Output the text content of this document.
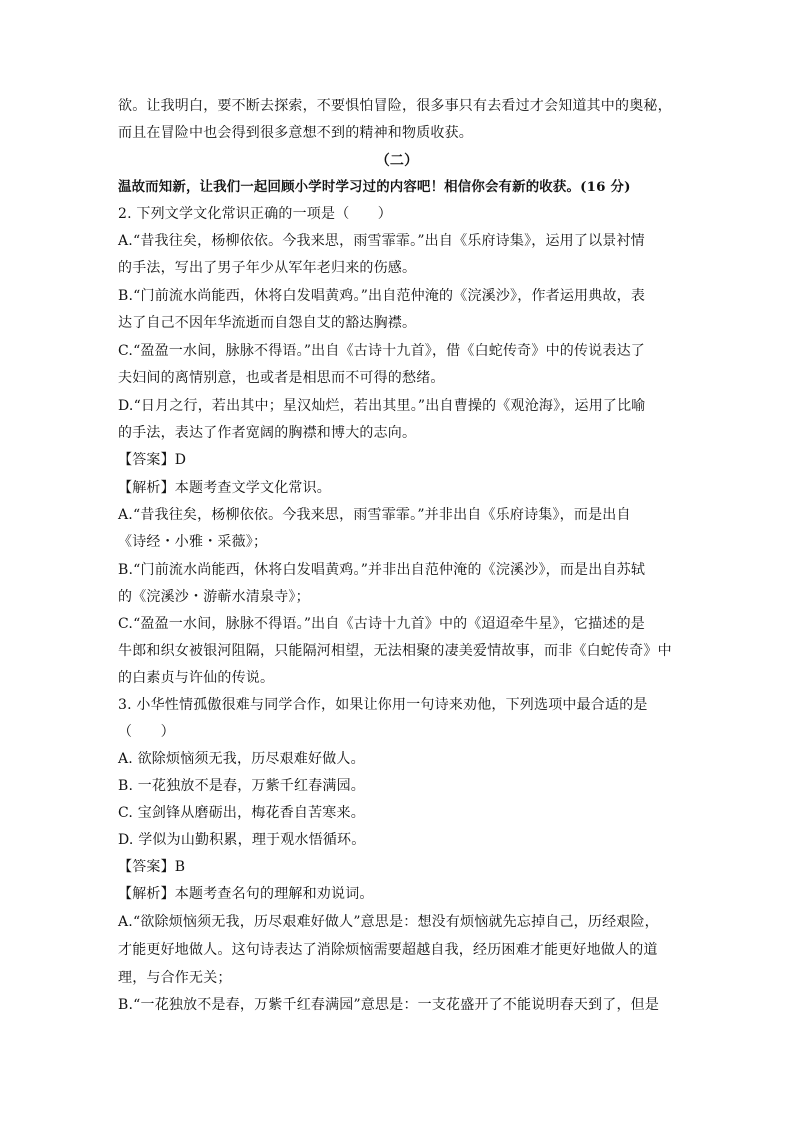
欲。让我明白，要不断去探索，不要惧怕冒险，很多事只有去看过才会知道其中的奥秘，
而且在冒险中也会得到很多意想不到的精神和物质收获。
（二）
温故而知新，让我们一起回顾小学时学习过的内容吧！相信你会有新的收获。(16 分)
2. 下列文学文化常识正确的一项是（　　）
A.“昔我往矣，杨柳依依。今我来思，雨雪霏霏。”出自《乐府诗集》，运用了以景衬情
的手法，写出了男子年少从军年老归来的伤感。
B.“门前流水尚能西，休将白发唱黄鸡。”出自范仲淹的《浣溪沙》，作者运用典故，表
达了自己不因年华流逝而自怨自艾的豁达胸襟。
C.“盈盈一水间，脉脉不得语。”出自《古诗十九首》，借《白蛇传奇》中的传说表达了
夫妇间的离情别意，也或者是相思而不可得的愁绪。
D.“日月之行，若出其中；星汉灿烂，若出其里。”出自曹操的《观沧海》，运用了比喻
的手法，表达了作者宽阔的胸襟和博大的志向。
【答案】D
【解析】本题考查文学文化常识。
A.“昔我往矣，杨柳依依。今我来思，雨雪霏霏。”并非出自《乐府诗集》，而是出自
《诗经・小雅・采薇》；
B.“门前流水尚能西，休将白发唱黄鸡。”并非出自范仲淹的《浣溪沙》，而是出自苏轼
的《浣溪沙・游蕲水清泉寺》；
C.“盈盈一水间，脉脉不得语。”出自《古诗十九首》中的《迢迢牵牛星》，它描述的是
牛郎和织女被银河阻隔，只能隔河相望，无法相聚的凄美爱情故事，而非《白蛇传奇》中
的白素贞与许仙的传说。
3. 小华性情孤傲很难与同学合作，如果让你用一句诗来劝他，下列选项中最合适的是
（　　）
A. 欲除烦恼须无我，历尽艰难好做人。
B. 一花独放不是春，万紫千红春满园。
C. 宝剑锋从磨砺出，梅花香自苦寒来。
D. 学似为山勤积累，理于观水悟循环。
【答案】B
【解析】本题考查名句的理解和劝说词。
A.“欲除烦恼须无我，历尽艰难好做人”意思是：想没有烦恼就先忘掉自己，历经艰险，
才能更好地做人。这句诗表达了消除烦恼需要超越自我，经历困难才能更好地做人的道
理，与合作无关；
B.“一花独放不是春，万紫千红春满园”意思是：一支花盛开了不能说明春天到了，但是
